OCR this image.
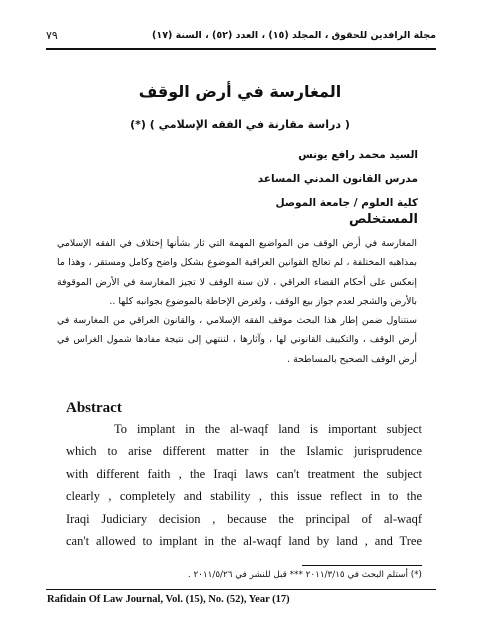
مجلة الرافدين للحقوق ، المجلد (١٥) ، العدد (٥٢) ، السنة (١٧)
٧٩
المغارسة في أرض الوقف
( دراسة مقارنة في الفقه الإسلامي ) (*)
السيد محمد رافع يونس
مدرس القانون المدني المساعد
كلية العلوم / جامعة الموصل
المستخلص

المغارسة في أرض الوقف من المواضيع المهمة التي ثار بشأنها إختلاف في الفقه الإسلامي بمذاهبه المختلفة ، لم تعالج القوانين العراقية الموضوع بشكل واضح وكامل ومستقر ، وهذا ما إنعكس على أحكام القضاء العراقي ، لان سنة الوقف لا تجيز المغارسة في الأرض الموقوفة بالأرض والشجر لعدم جواز بيع الوقف ، ولغرض الإحاطة بالموضوع بجوانبه كلها ..

سنتناول ضمن إطار هذا البحث موقف الفقه الإسلامي ، والقانون العراقي من المغارسة في أرض الوقف ، والتكييف القانوني لها ، وآثارها ، لننتهي إلى نتيجة مفادها شمول الغراس في أرض الوقف الصحيح بالمساطحة .

Abstract
To implant in the al-waqf land is important subject
which to arise different matter in the Islamic jurisprudence
with different faith , the Iraqi laws can't treatment the subject
clearly , completely and stability , this issue reflect in to the
Iraqi Judiciary decision , because the principal of al-waqf
can't allowed to implant in the al-waqf land by land , and Tree
(*) أستلم البحث في ٢٠١١/٣/١٥ *** قبل للنشر في ٢٠١١/٥/٢٦ .
Rafidain Of Law Journal, Vol. (15), No. (52), Year (17)
